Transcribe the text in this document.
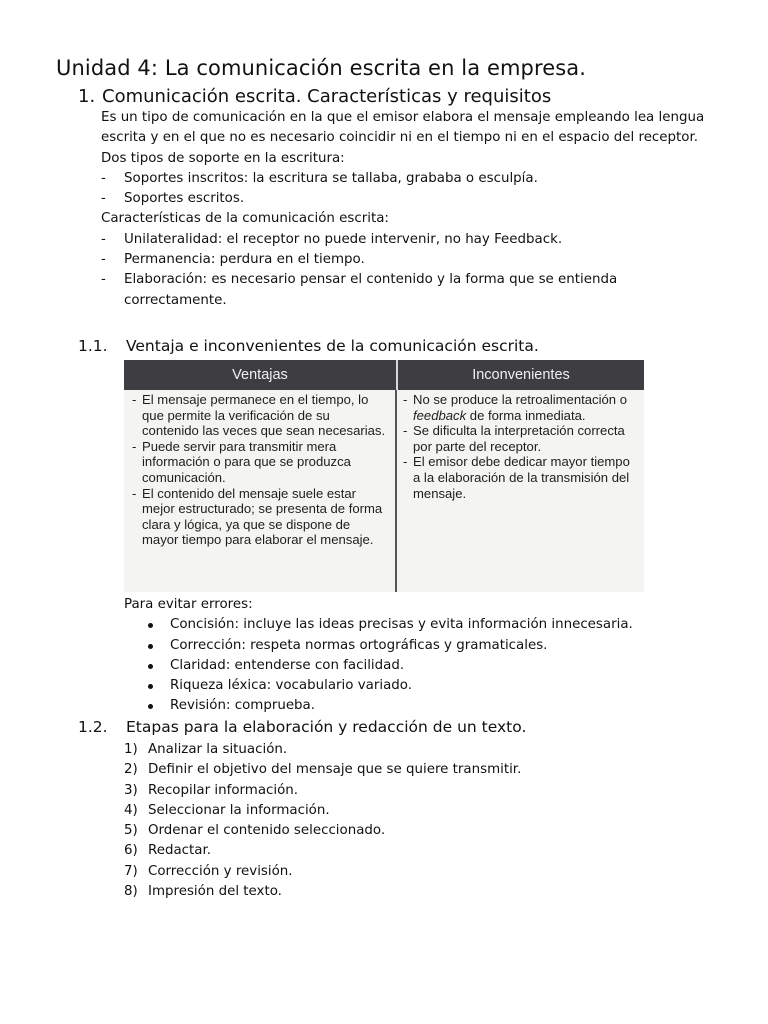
Unidad 4: La comunicación escrita en la empresa.
1. Comunicación escrita. Características y requisitos

Es un tipo de comunicación en la que el emisor elabora el mensaje empleando lea lengua escrita y en el que no es necesario coincidir ni en el tiempo ni en el espacio del receptor.

Dos tipos de soporte en la escritura:

- Soportes inscritos: la escritura se tallaba, grababa o esculpía.
- Soportes escritos.

Características de la comunicación escrita:

- Unilateralidad: el receptor no puede intervenir, no hay Feedback.
- Permanencia: perdura en el tiempo.
- Elaboración: es necesario pensar el contenido y la forma que se entienda correctamente.
1.1. Ventaja e inconvenientes de la comunicación escrita.
Ventajas	Inconvenientes
- El mensaje permanece en el tiempo, lo que permite la verificación de su contenido las veces que sean necesarias.
- Puede servir para transmitir mera información o para que se produzca comunicación.
- El contenido del mensaje suele estar mejor estructurado; se presenta de forma clara y lógica, ya que se dispone de mayor tiempo para elaborar el mensaje.
- No se produce la retroalimentación o feedback de forma inmediata.
- Se dificulta la interpretación correcta por parte del receptor.
- El emisor debe dedicar mayor tiempo a la elaboración de la transmisión del mensaje.

Para evitar errores:

Concisión: incluye las ideas precisas y evita información innecesaria.
Corrección: respeta normas ortográficas y gramaticales.
Claridad: entenderse con facilidad.
Riqueza léxica: vocabulario variado.
Revisión: comprueba.
1.2. Etapas para la elaboración y redacción de un texto.
1) Analizar la situación.
2) Definir el objetivo del mensaje que se quiere transmitir.
3) Recopilar información.
4) Seleccionar la información.
5) Ordenar el contenido seleccionado.
6) Redactar.
7) Corrección y revisión.
8) Impresión del texto.
